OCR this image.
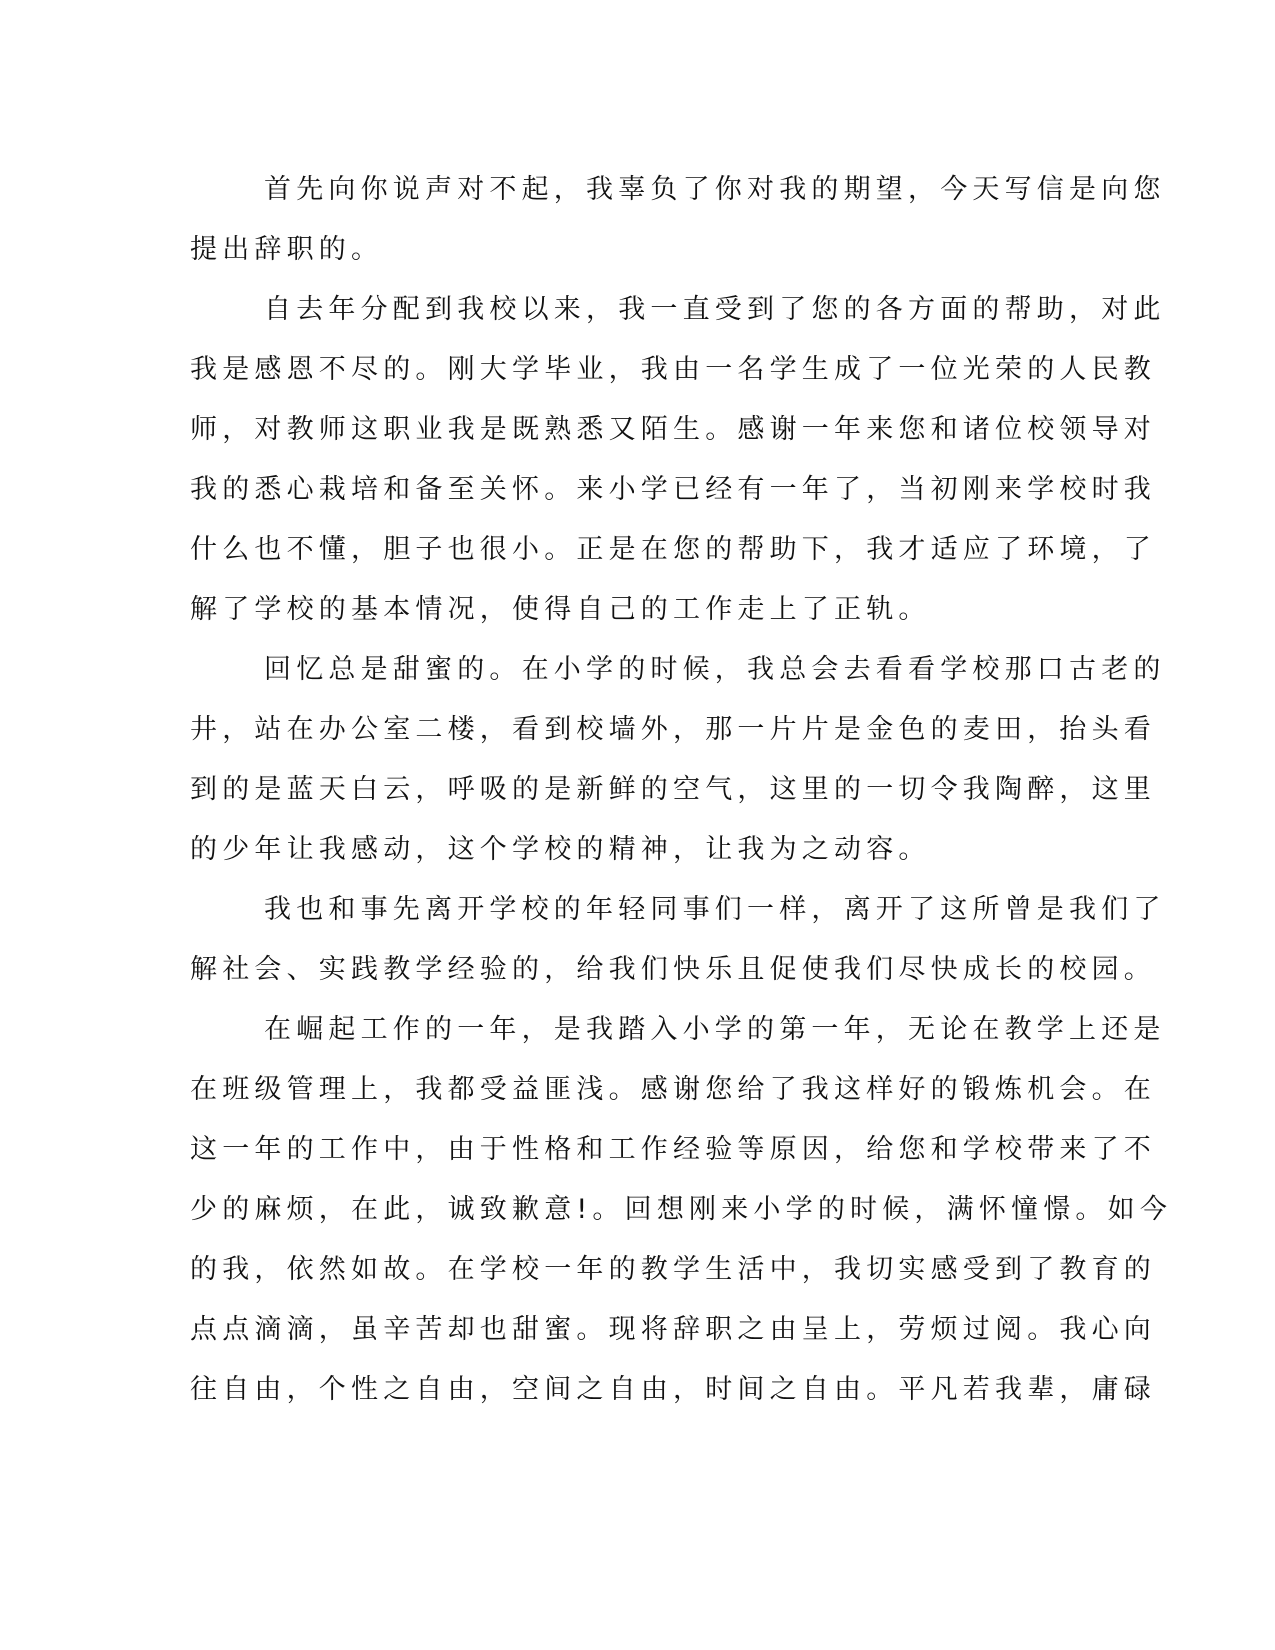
首先向你说声对不起，我辜负了你对我的期望，今天写信是向您
提出辞职的。
自去年分配到我校以来，我一直受到了您的各方面的帮助，对此
我是感恩不尽的。刚大学毕业，我由一名学生成了一位光荣的人民教
师，对教师这职业我是既熟悉又陌生。感谢一年来您和诸位校领导对
我的悉心栽培和备至关怀。来小学已经有一年了，当初刚来学校时我
什么也不懂，胆子也很小。正是在您的帮助下，我才适应了环境，了
解了学校的基本情况，使得自己的工作走上了正轨。
回忆总是甜蜜的。在小学的时候，我总会去看看学校那口古老的
井，站在办公室二楼，看到校墙外，那一片片是金色的麦田，抬头看
到的是蓝天白云，呼吸的是新鲜的空气，这里的一切令我陶醉，这里
的少年让我感动，这个学校的精神，让我为之动容。
我也和事先离开学校的年轻同事们一样，离开了这所曾是我们了
解社会、实践教学经验的，给我们快乐且促使我们尽快成长的校园。
在崛起工作的一年，是我踏入小学的第一年，无论在教学上还是
在班级管理上，我都受益匪浅。感谢您给了我这样好的锻炼机会。在
这一年的工作中，由于性格和工作经验等原因，给您和学校带来了不
少的麻烦，在此，诚致歉意!。回想刚来小学的时候，满怀憧憬。如今
的我，依然如故。在学校一年的教学生活中，我切实感受到了教育的
点点滴滴，虽辛苦却也甜蜜。现将辞职之由呈上，劳烦过阅。我心向
往自由，个性之自由，空间之自由，时间之自由。平凡若我辈，庸碌
